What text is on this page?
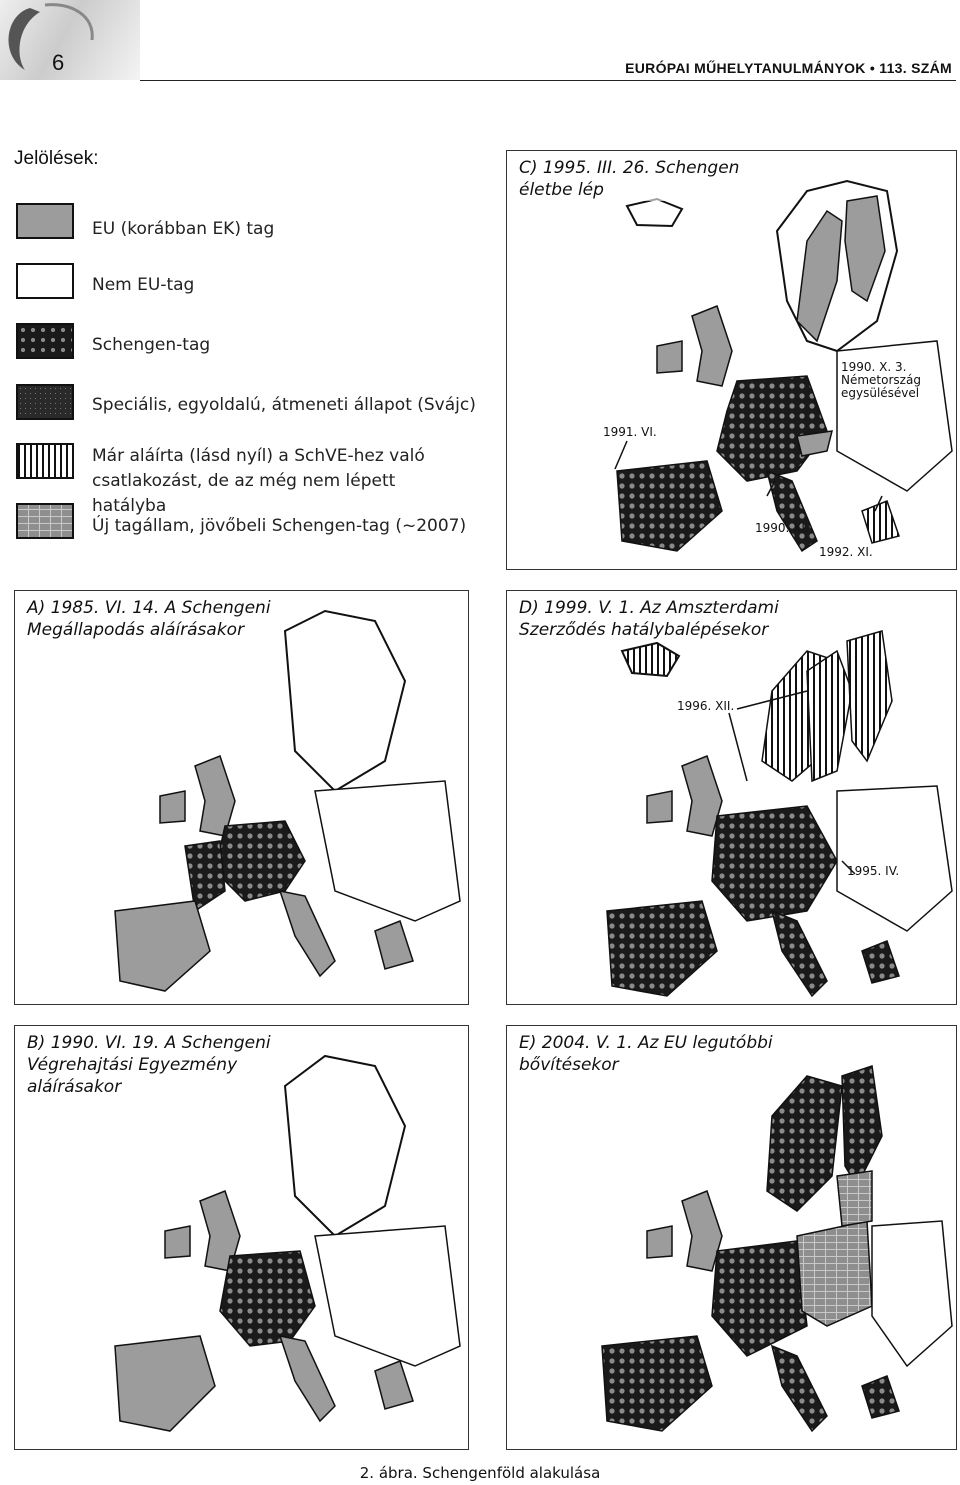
6	EURÓPAI MŰHELYTANULMÁNYOK • 113. SZÁM
Jelölések:
EU (korábban EK) tag
Nem EU-tag
Schengen-tag
Speciális, egyoldalú, átmeneti állapot (Svájc)
Már aláírta (lásd nyíl) a SchVE-hez való csatlakozást, de az még nem lépett hatályba
Új tagállam, jövőbeli Schengen-tag (~2007)
C) 1995. III. 26. Schengen
életbe lép
1990. X. 3.
Németország
egysülésével
1991. VI.
1990. XI.
1992. XI.
A) 1985. VI. 14. A Schengeni
Megállapodás aláírásakor
D) 1999. V. 1. Az Amszterdami
Szerződés hatálybalépésekor
1996. XII.
1995. IV.
B) 1990. VI. 19. A Schengeni
Végrehajtási Egyezmény
aláírásakor
E) 2004. V. 1. Az EU legutóbbi
bővítésekor
2. ábra. Schengenföld alakulása
